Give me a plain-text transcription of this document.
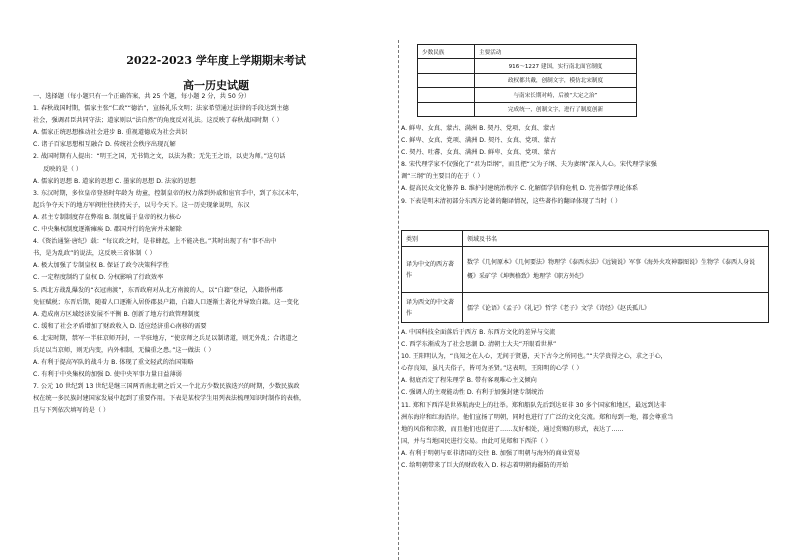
2022-2023 学年度上学期期末考试
高一历史试题

一、选择题（每小题只有一个正确答案，共 25 个题，每小题 2 分，共 50 分）

1. 春秋战国时期，儒家主张“仁政”“德治”，宣扬礼乐文明；法家希望通过法律的手段达到主德

社会，强调君臣共同守法；道家则以“法自然”的角度反对礼法。这反映了春秋战国时期（ ）

A. 儒家正统思想推动社会进步 B. 重视道德成为社会共识

C. 诸子百家思想相互融合 D. 传统社会秩序出现瓦解

2. 战国时期有人提出：“明王之国，无书简之文，以法为教；无先王之语，以吏为师。”这句话

反映的是（ ）

A. 儒家的思想 B. 道家的思想 C. 墨家的思想 D. 法家的思想

3. 东汉时期，多位皇帝登基时年龄为 幼童，控制皇帝的权力落到外戚和宦官手中，到了东汉末年，

起兵争夺天下的地方军阀往往挟持天子，以号令天下。这一历史现象说明，东汉

A. 君主专制制度存在弊端 B. 制度属于皇帝的权力核心

C. 中央集权制度逐渐瘫痪 D. 郡国并行的危害并未解除

4.《资治通鉴·唐纪》载：“每议政之时，是非蜂起，上不能决也。”其时出现了有“事不出中

书，是为乱政”的说法，这反映三省体制（ ）

A. 极大加强了专制皇权 B. 保证了政令决策科学性

C. 一定程度制约了皇权 D. 分权影响了行政效率

5. 西北方战乱爆发的“衣冠南渡”，东晋政府对从北方南渡的人，以“白籍”登记，入籍侨州郡

免征赋税；东晋后期，随着人口逐渐入居侨郡县户籍，白籍人口逐渐土著化并导致白籍。这一变化

A. 造成南方区域经济发展不平衡 B. 创新了地方行政管理制度

C. 缓和了社会矛盾增加了财政收入 D. 适应经济重心南移的需要

6. 北宋时期，禁军一半驻京师开封，一半驻地方，“使京师之兵足以制诸道，则无外乱；合诸道之

兵足以当京师，则无内变，内外相制，无偏重之患。”这一做法（ ）

A. 有利于提高军队的战斗力 B. 体现了重文轻武的治国策略

C. 有利于中央集权的加强 D. 使中央军事力量日益薄弱

7. 公元 10 世纪到 13 世纪是继三国两晋南北朝之后又一个北方少数民族迭兴的时期，少数民族政

权在统一多民族封建国家发展中起到了重要作用。下表是某校学生用列表法梳理知识时制作的表格，

且与下列依次填写的是（ ）

少数民族	主要活动
	916～1227 建国，实行南北面官制度
	政权都共戴，创制文字，模仿北宋制度
	与南宋长期对峙，后被“大定之治”
	完成统一，创制文字，进行了制度创新

A. 鲜卑、女真、蒙古、满洲 B. 契丹、党项、女真、蒙古

C. 鲜卑、女真、党项、满洲 D. 契丹、女真、党项、蒙古

C. 契丹、吐蕃、女真、满洲 D. 鲜卑、女真、党项、蒙古

8. 宋代理学家不仅强化了“君为臣纲”，而且把“父为子纲、夫为妻纲”深入人心。宋代理学家强

调“三纲”的主要目的在于（ ）

A. 提高民众文化修养 B. 维护封建统治秩序 C. 化解儒学信仰危机 D. 完善儒学理论体系

9. 下表是明末清初部分东西方论著的翻译情况，这些著作的翻译体现了当时（ ）

类别	领域及书名
译为中文的西方著作	数学《几何原本》《几何要法》物理学《泰西水法》《远镜说》军事《海外火攻神器图说》生物学《泰西人身说概》采矿学《坤舆格致》地理学《职方外纪》
译为西文的中文著作	儒学《论语》《孟子》《礼记》哲学《老子》文学《诗经》《赵氏孤儿》

A. 中国科技全面落后于西方 B. 东西方文化的差异与交流

C. 西学东渐成为了社会思潮 D. 清朝士大夫“开眼看世界”

10. 王阳明认为，“良知之在人心，无间于贤愚，天下古今之所同也。”“夫学贵得之心，求之于心，

心存良知，虽凡夫俗子，皆可为圣贤。”这表明，王阳明的心学（ ）

A. 彻底否定了程朱理学 B. 带有客观唯心主义倾向

C. 强调人的主观能动性 D. 有利于加强封建专制统治

11. 郑和下西洋是世界航海史上的壮举。郑和船队先后到达亚非 30 多个国家和地区，最远到达非

洲东海岸和红海沿岸。他们宣扬了明朝，同时也进行了广泛的文化交流。郑和每到一地，都会尊重当

地的风俗和宗教，而且他们也促进了……友好相处，通过赏赐的形式，表达了……

国，并与当地国民进行交易。由此可见郑和下西洋（ ）

A. 有利于明朝与亚非诸国的交往 B. 加强了明朝与海外的商业贸易

C. 给明朝带来了巨大的财政收入 D. 标志着明朝海疆防的开始
